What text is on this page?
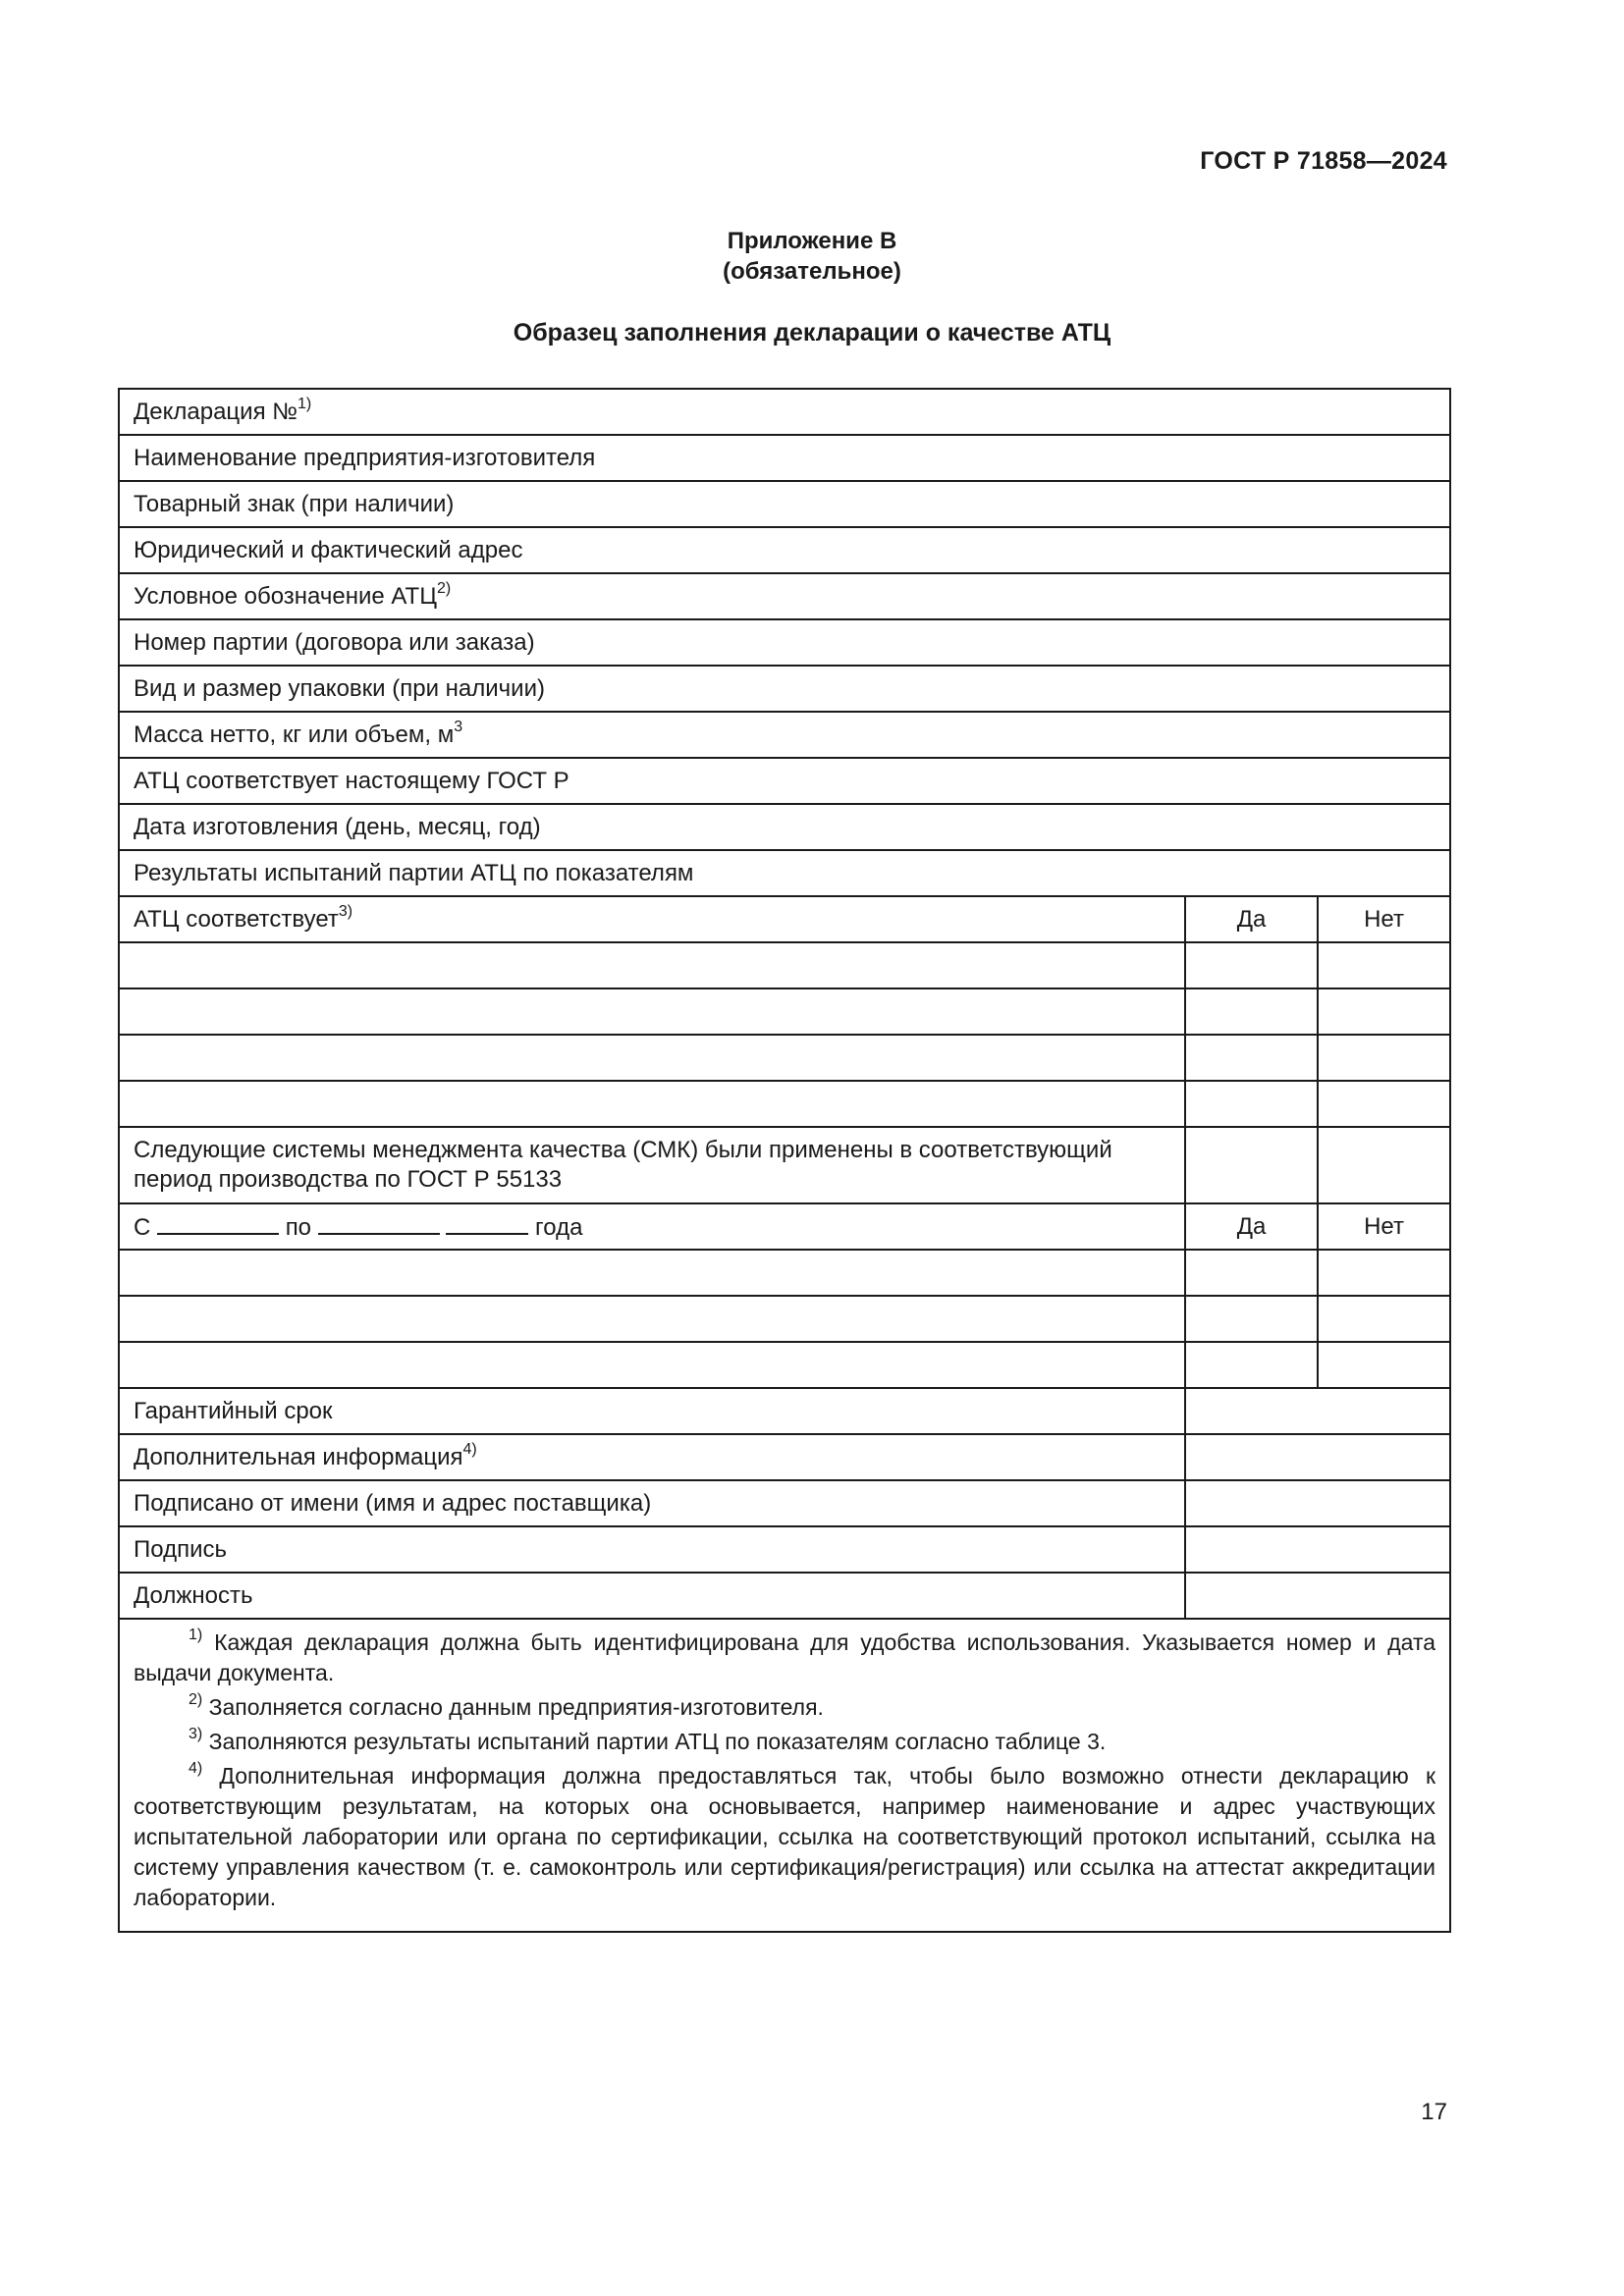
ГОСТ Р 71858—2024
Приложение В
(обязательное)
Образец заполнения декларации о качестве АТЦ
Декларация №$^{1)}$
Наименование предприятия-изготовителя		
Товарный знак (при наличии)		
Юридический и фактический адрес		
Условное обозначение АТЦ$^{2)}$
Номер партии (договора или заказа)		
Вид и размер упаковки (при наличии)		
Масса нетто, кг или объем, $м^3$
АТЦ соответствует настоящему ГОСТ Р		
Дата изготовления (день, месяц, год)		
Результаты испытаний партии АТЦ по показателям		
АТЦ соответствует$^{3)}$	Да	Нет

Следующие системы менеджмента качества (СМК) были применены в соответствующий период производства по ГОСТ Р 55133		
С по года	Да	Нет

Гарантийный срок		
Дополнительная информация$^{4)}$	
Подписано от имени (имя и адрес поставщика)		
Подпись		
Должность		

$^{1)}$ Каждая декларация должна быть идентифицирована для удобства использования. Указывается номер и дата выдачи документа.

$^{2)}$ Заполняется согласно данным предприятия-изготовителя.

$^{3)}$ Заполняются результаты испытаний партии АТЦ по показателям согласно таблице 3.

$^{4)}$ Дополнительная информация должна предоставляться так, чтобы было возможно отнести декларацию к соответствующим результатам, на которых она основывается, например наименование и адрес участвующих испытательной лаборатории или органа по сертификации, ссылка на соответствующий протокол испытаний, ссылка на систему управления качеством (т. е. самоконтроль или сертификация/регистрация) или ссылка на аттестат аккредитации лаборатории.		

17
